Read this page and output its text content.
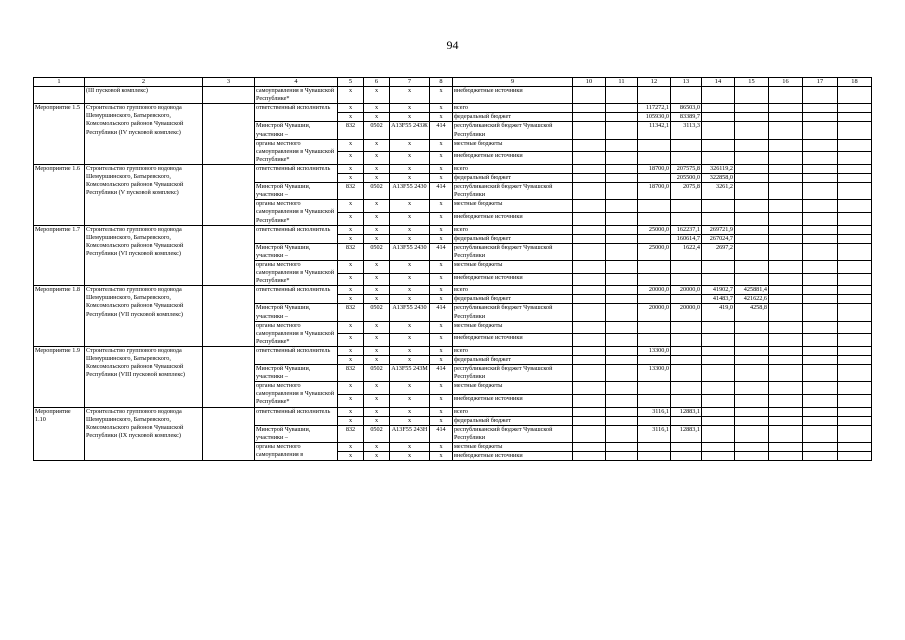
94
1	2	3	4	5	6	7	8	9	10	11	12	13	14	15	16	17	18
	(III пусковой комплекс)		самоуправления в Чувашской Республике*	x	x	x	x	внебюджетные источники									
Мероприятие 1.5	Строительство группового водовода Шемуршинского, Батыревского, Комсомольского районов Чувашской Республики (IV пусковой комплекс)		ответственный исполнитель	x	x	x	x	всего			117272,1	86503,0					
				x	x	x	x	федеральный бюджет			105930,0	83389,7					
			Минстрой Чувашии, участники –	832	0502	A13F55 243Ж	414	республиканский бюджет Чувашской Республики			11342,1	3113,3					
			органы местного самоуправления в Чувашской Республике*	x	x	x	x	местные бюджеты									
				x	x	x	x	внебюджетные источники									
Мероприятие 1.6	Строительство группового водовода Шемуршинского, Батыревского, Комсомольского районов Чувашской Республики (V пусковой комплекс)		ответственный исполнитель	x	x	x	x	всего			18700,0	207575,8	326119,2				
				x	x	x	x	федеральный бюджет				205500,0	322858,0				
			Минстрой Чувашии, участники –	832	0502	A13F55 2430	414	республиканский бюджет Чувашской Республики			18700,0	2075,8	3261,2				
			органы местного самоуправления в Чувашской Республике*	x	x	x	x	местные бюджеты									
				x	x	x	x	внебюджетные источники									
Мероприятие 1.7	Строительство группового водовода Шемуршинского, Батыревского, Комсомольского районов Чувашской Республики (VI пусковой комплекс)		ответственный исполнитель	x	x	x	x	всего			25000,0	162237,1	269721,9				
				x	x	x	x	федеральный бюджет				160614,7	267024,7				
			Минстрой Чувашии, участники –	832	0502	A13F55 2430	414	республиканский бюджет Чувашской Республики			25000,0	1622,4	2697,2				
			органы местного самоуправления в Чувашской Республике*	x	x	x	x	местные бюджеты									
				x	x	x	x	внебюджетные источники									
Мероприятие 1.8	Строительство группового водовода Шемуршинского, Батыревского, Комсомольского районов Чувашской Республики (VII пусковой комплекс)		ответственный исполнитель	x	x	x	x	всего			20000,0	20000,0	41902,7	425881,4			
				x	x	x	x	федеральный бюджет					41483,7	421622,6			
			Минстрой Чувашии, участники –	832	0502	A13F55 2430	414	республиканский бюджет Чувашской Республики			20000,0	20000,0	419,0	4258,8			
			органы местного самоуправления в Чувашской Республике*	x	x	x	x	местные бюджеты									
				x	x	x	x	внебюджетные источники									
Мероприятие 1.9	Строительство группового водовода Шемуршинского, Батыревского, Комсомольского районов Чувашской Республики (VIII пусковой комплекс)		ответственный исполнитель	x	x	x	x	всего			13300,0						
				x	x	x	x	федеральный бюджет									
			Минстрой Чувашии, участники –	832	0502	A13F55 243M	414	республиканский бюджет Чувашской Республики			13300,0						
			органы местного самоуправления в Чувашской Республике*	x	x	x	x	местные бюджеты									
				x	x	x	x	внебюджетные источники									
Мероприятие 1.10	Строительство группового водовода Шемуршинского, Батыревского, Комсомольского районов Чувашской Республики (IX пусковой комплекс)		ответственный исполнитель	x	x	x	x	всего			3116,1	12883,1					
				x	x	x	x	федеральный бюджет									
			Минстрой Чувашии, участники –	832	0502	A13F55 243H	414	республиканский бюджет Чувашской Республики			3116,1	12883,1					
			органы местного самоуправления в	x	x	x	x	местные бюджеты									
				x	x	x	x	внебюджетные источники									
